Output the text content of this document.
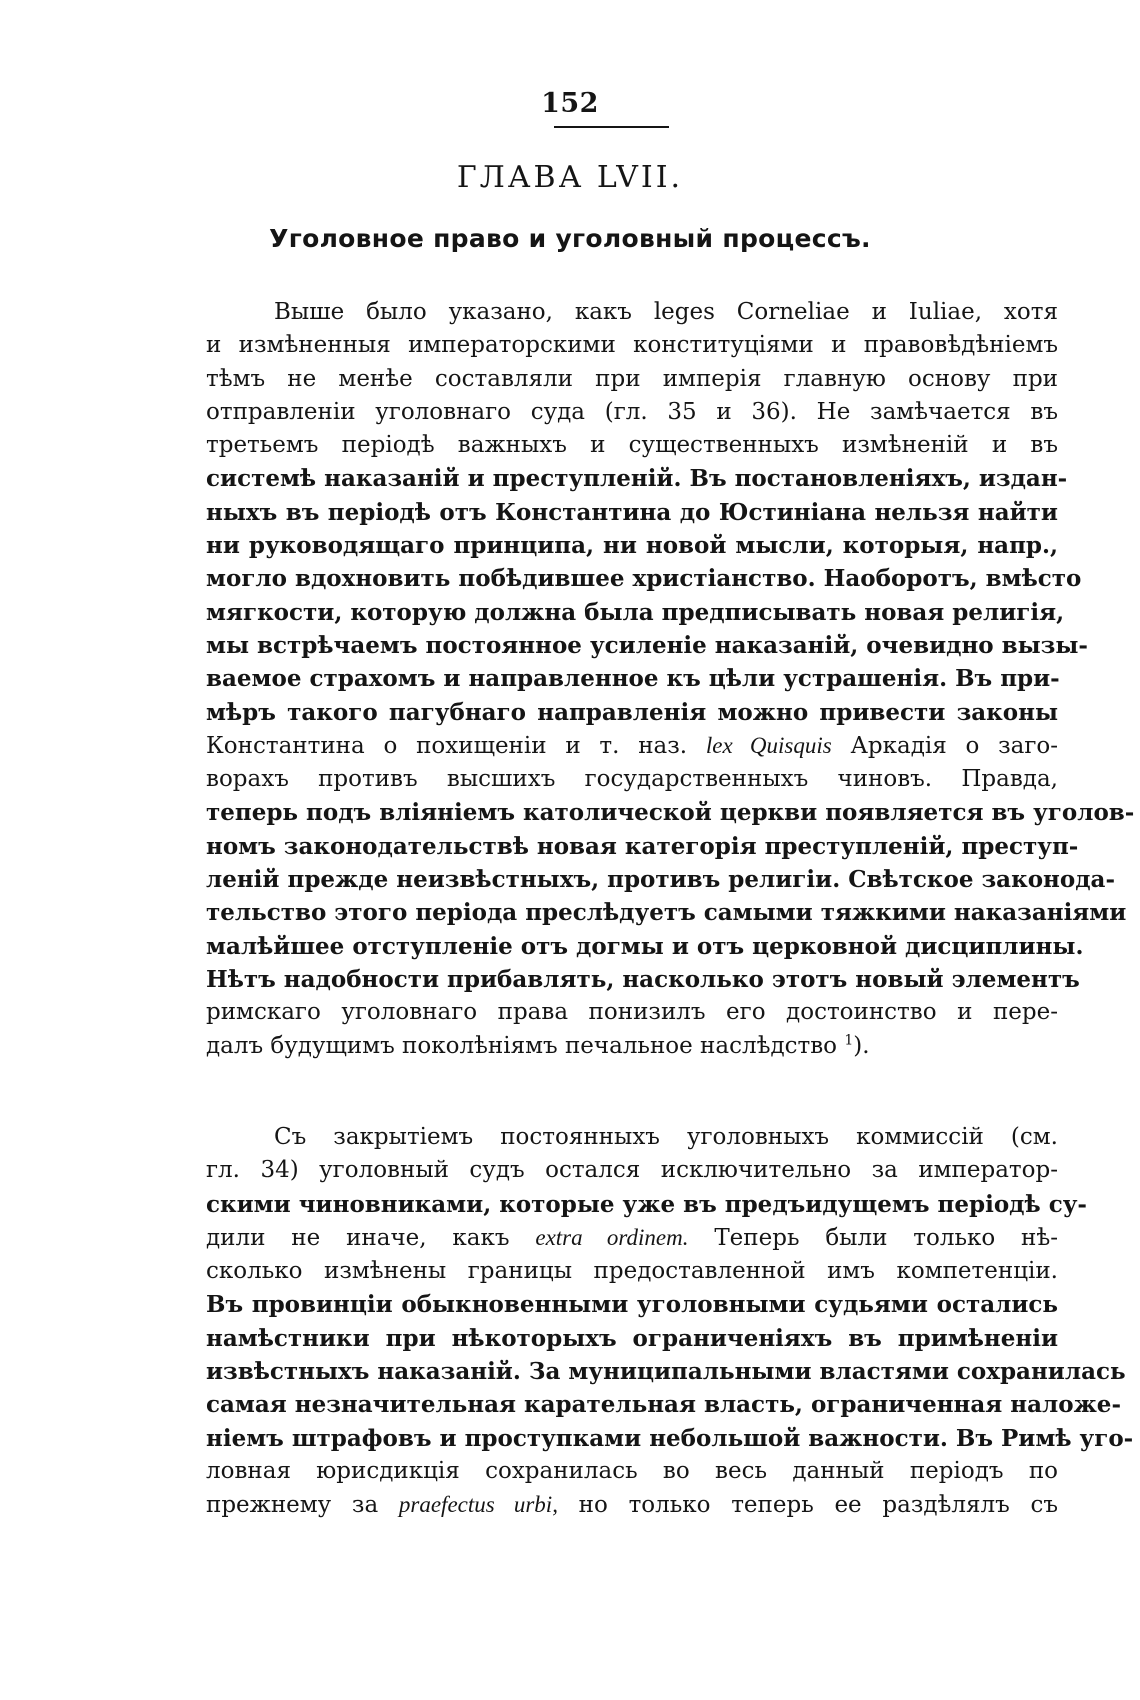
152
ГЛАВА LVII.
Уголовное право и уголовный процессъ.
Выше было указано, какъ leges Corneliae и Iuliae, хотя
и измѣненныя императорскими конституціями и правовѣдѣніемъ
тѣмъ не менѣе составляли при имперія главную основу при
отправленіи уголовнаго суда (гл. 35 и 36). Не замѣчается въ
третьемъ періодѣ важныхъ и существенныхъ измѣненій и въ
системѣ наказаній и преступленій. Въ постановленіяхъ, издан-
ныхъ въ періодѣ отъ Константина до Юстиніана нельзя найти
ни руководящаго принципа, ни новой мысли, которыя, напр.,
могло вдохновить побѣдившее христіанство. Наоборотъ, вмѣсто
мягкости, которую должна была предписывать новая религія,
мы встрѣчаемъ постоянное усиленіе наказаній, очевидно вызы-
ваемое страхомъ и направленное къ цѣли устрашенія. Въ при-
мѣръ такого пагубнаго направленія можно привести законы
Константина о похищеніи и т. наз. lex Quisquis Аркадія о заго-
ворахъ противъ высшихъ государственныхъ чиновъ. Правда,
теперь подъ вліяніемъ католической церкви появляется въ уголов-
номъ законодательствѣ новая категорія преступленій, преступ-
леній прежде неизвѣстныхъ, противъ религіи. Свѣтское законода-
тельство этого періода преслѣдуетъ самыми тяжкими наказаніями
малѣйшее отступленіе отъ догмы и отъ церковной дисциплины.
Нѣтъ надобности прибавлять, насколько этотъ новый элементъ
римскаго уголовнаго права понизилъ его достоинство и пере-
далъ будущимъ поколѣніямъ печальное наслѣдство $^1$).
Съ закрытіемъ постоянныхъ уголовныхъ коммиссій (см.
гл. 34) уголовный судъ остался исключительно за император-
скими чиновниками, которые уже въ предъидущемъ періодѣ су-
дили не иначе, какъ extra ordinem. Теперь были только нѣ-
сколько измѣнены границы предоставленной имъ компетенціи.
Въ провинціи обыкновенными уголовными судьями остались
намѣстники при нѣкоторыхъ ограниченіяхъ въ примѣненіи
извѣстныхъ наказаній. За муниципальными властями сохранилась
самая незначительная карательная власть, ограниченная наложе-
ніемъ штрафовъ и проступками небольшой важности. Въ Римѣ уго-
ловная юрисдикція сохранилась во весь данный періодъ по
прежнему за praefectus urbi, но только теперь ее раздѣлялъ съ
